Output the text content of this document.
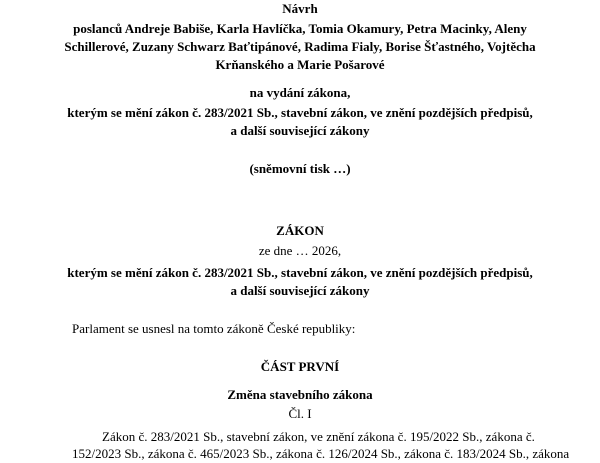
Návrh
poslanců Andreje Babiše, Karla Havlíčka, Tomia Okamury, Petra Macinky, Aleny
Schillerové, Zuzany Schwarz Baťtipánové, Radima Fialy, Borise Šťastného, Vojtěcha
Krňanského a Marie Pošarové
na vydání zákona,
kterým se mění zákon č. 283/2021 Sb., stavební zákon, ve znění pozdějších předpisů,
a další související zákony
(sněmovní tisk …)
ZÁKON
ze dne … 2026,
kterým se mění zákon č. 283/2021 Sb., stavební zákon, ve znění pozdějších předpisů,
a další související zákony
Parlament se usnesl na tomto zákoně České republiky:
ČÁST PRVNÍ
Změna stavebního zákona
Čl. I
Zákon č. 283/2021 Sb., stavební zákon, ve znění zákona č. 195/2022 Sb., zákona č.
152/2023 Sb., zákona č. 465/2023 Sb., zákona č. 126/2024 Sb., zákona č. 183/2024 Sb., zákona
